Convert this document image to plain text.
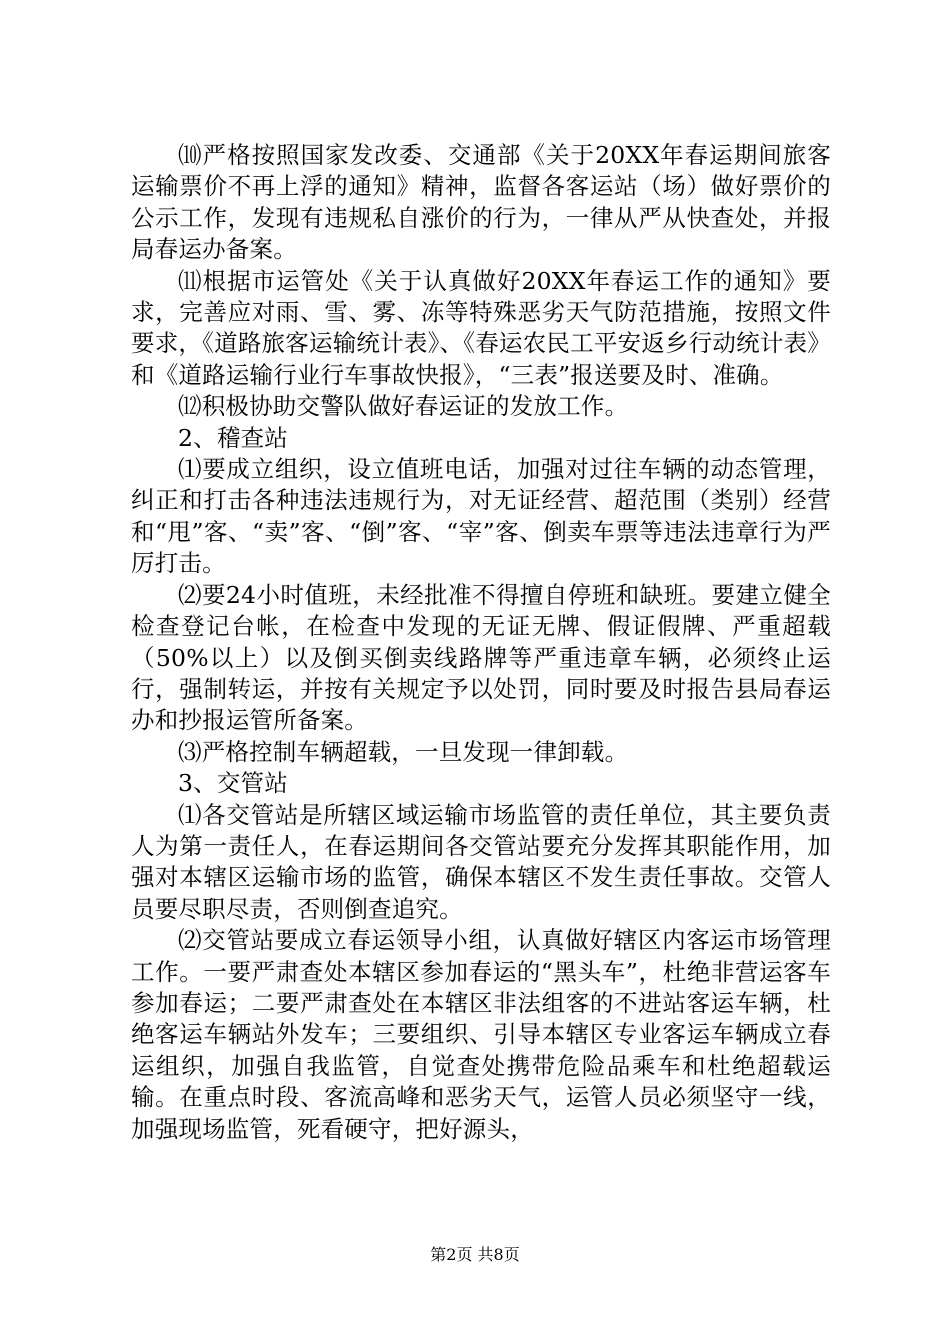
⑽严格按照国家发改委、交通部《关于20XX年春运期间旅客运输票价不再上浮的通知》精神，监督各客运站（场）做好票价的公示工作，发现有违规私自涨价的行为，一律从严从快查处，并报局春运办备案。

⑾根据市运管处《关于认真做好20XX年春运工作的通知》要求，完善应对雨、雪、雾、冻等特殊恶劣天气防范措施，按照文件要求，《道路旅客运输统计表》、《春运农民工平安返乡行动统计表》和《道路运输行业行车事故快报》，“三表”报送要及时、准确。

⑿积极协助交警队做好春运证的发放工作。

2、稽查站

⑴要成立组织，设立值班电话，加强对过往车辆的动态管理，纠正和打击各种违法违规行为，对无证经营、超范围（类别）经营和“甩”客、“卖”客、“倒”客、“宰”客、倒卖车票等违法违章行为严厉打击。

⑵要24小时值班，未经批准不得擅自停班和缺班。要建立健全检查登记台帐，在检查中发现的无证无牌、假证假牌、严重超载（50%以上）以及倒买倒卖线路牌等严重违章车辆，必须终止运行，强制转运，并按有关规定予以处罚，同时要及时报告县局春运办和抄报运管所备案。

⑶严格控制车辆超载，一旦发现一律卸载。

3、交管站

⑴各交管站是所辖区域运输市场监管的责任单位，其主要负责人为第一责任人，在春运期间各交管站要充分发挥其职能作用，加强对本辖区运输市场的监管，确保本辖区不发生责任事故。交管人员要尽职尽责，否则倒查追究。

⑵交管站要成立春运领导小组，认真做好辖区内客运市场管理工作。一要严肃查处本辖区参加春运的“黑头车”，杜绝非营运客车参加春运；二要严肃查处在本辖区非法组客的不进站客运车辆，杜绝客运车辆站外发车；三要组织、引导本辖区专业客运车辆成立春运组织，加强自我监管，自觉查处携带危险品乘车和杜绝超载运输。在重点时段、客流高峰和恶劣天气，运管人员必须坚守一线，加强现场监管，死看硬守，把好源头，

第2页 共8页
